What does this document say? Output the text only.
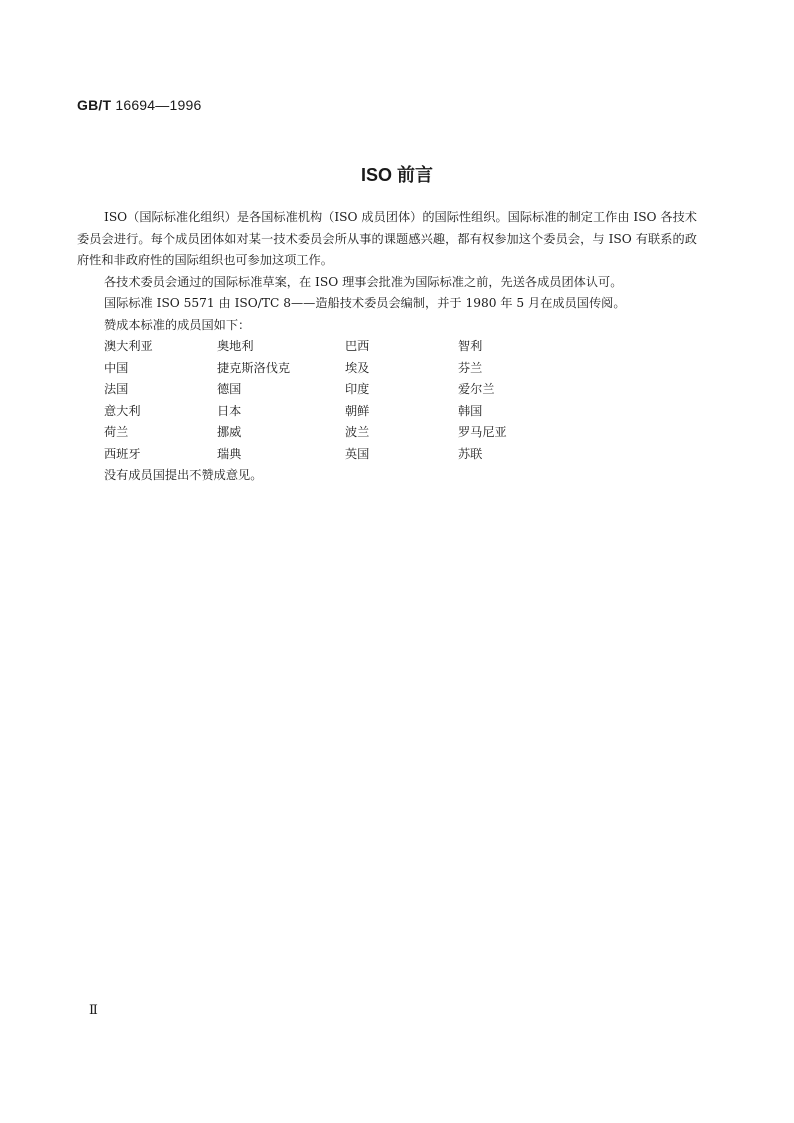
GB/T 16694—1996
ISO 前言

ISO（国际标准化组织）是各国标准机构（ISO 成员团体）的国际性组织。国际标准的制定工作由 ISO 各技术委员会进行。每个成员团体如对某一技术委员会所从事的课题感兴趣，都有权参加这个委员会，与 ISO 有联系的政府性和非政府性的国际组织也可参加这项工作。

各技术委员会通过的国际标准草案，在 ISO 理事会批准为国际标准之前，先送各成员团体认可。

国际标准 ISO 5571 由 ISO/TC 8——造船技术委员会编制，并于 1980 年 5 月在成员国传阅。

赞成本标准的成员国如下：

澳大利亚	奥地利	巴西	智利
中国	捷克斯洛伐克	埃及	芬兰
法国	德国	印度	爱尔兰
意大利	日本	朝鲜	韩国
荷兰	挪威	波兰	罗马尼亚
西班牙	瑞典	英国	苏联

没有成员国提出不赞成意见。

Ⅱ
